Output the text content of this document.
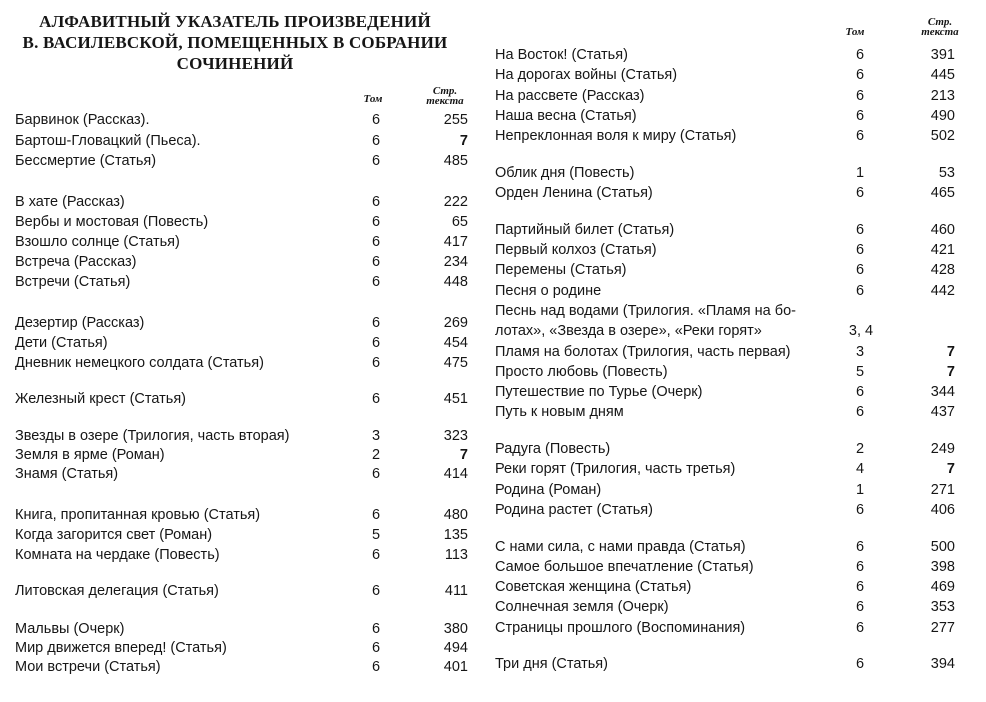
АЛФАВИТНЫЙ УКАЗАТЕЛЬ ПРОИЗВЕДЕНИЙ
В. ВАСИЛЕВСКОЙ, ПОМЕЩЕННЫХ В СОБРАНИИ
СОЧИНЕНИЙ
Том
Стр.
текста
Том
Стр.
текста
Барвинок (Рассказ).	6	255
Бартош-Гловацкий (Пьеса).	6	7
Бессмертие (Статья)	6	485
В хате (Рассказ)	6	222
Вербы и мостовая (Повесть)	6	65
Взошло солнце (Статья)	6	417
Встреча (Рассказ)	6	234
Встречи (Статья)	6	448
Дезертир (Рассказ)	6	269
Дети (Статья)	6	454
Дневник немецкого солдата (Статья)	6	475
Железный крест (Статья)	6	451
Звезды в озере (Трилогия, часть вторая)	3	323
Земля в ярме (Роман)	2	7
Знамя (Статья)	6	414
Книга, пропитанная кровью (Статья)	6	480
Когда загорится свет (Роман)	5	135
Комната на чердаке (Повесть)	6	113
Литовская делегация (Статья)	6	411
Мальвы (Очерк)	6	380
Мир движется вперед! (Статья)	6	494
Мои встречи (Статья)	6	401
На Восток! (Статья)	6	391
На дорогах войны (Статья)	6	445
На рассвете (Рассказ)	6	213
Наша весна (Статья)	6	490
Непреклонная воля к миру (Статья)	6	502
Облик дня (Повесть)	1	53
Орден Ленина (Статья)	6	465
Партийный билет (Статья)	6	460
Первый колхоз (Статья)	6	421
Перемены (Статья)	6	428
Песня о родине	6	442
Песнь над водами (Трилогия. «Пламя на бо-
лотах», «Звезда в озере», «Реки горят»	3, 4
Пламя на болотах (Трилогия, часть первая)	3	7
Просто любовь (Повесть)	5	7
Путешествие по Турье (Очерк)	6	344
Путь к новым дням	6	437
Радуга (Повесть)	2	249
Реки горят (Трилогия, часть третья)	4	7
Родина (Роман)	1	271
Родина растет (Статья)	6	406
С нами сила, с нами правда (Статья)	6	500
Самое большое впечатление (Статья)	6	398
Советская женщина (Статья)	6	469
Солнечная земля (Очерк)	6	353
Страницы прошлого (Воспоминания)	6	277
Три дня (Статья)	6	394
